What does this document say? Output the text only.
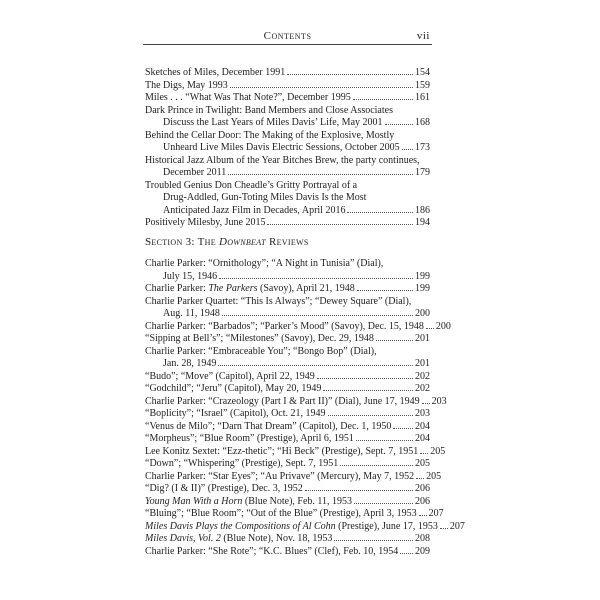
Contents	vii
Sketches of Miles, December 1991	154
The Digs, May 1993	159
Miles . . . “What Was That Note?”, December 1995	161
Dark Prince in Twilight: Band Members and Close Associates
Discuss the Last Years of Miles Davis’ Life, May 2001	168
Behind the Cellar Door: The Making of the Explosive, Mostly
Unheard Live Miles Davis Electric Sessions, October 2005 173
Historical Jazz Album of the Year Bitches Brew, the party continues,
December 2011	179
Troubled Genius Don Cheadle’s Gritty Portrayal of a
Drug-Addled, Gun-Toting Miles Davis Is the Most
Anticipated Jazz Film in Decades, April 2016	186
Positively Milesby, June 2015	194
Section 3: The Downbeat Reviews
Charlie Parker: “Ornithology”; “A Night in Tunisia” (Dial),
July 15, 1946	199
Charlie Parker: The Parkers (Savoy), April 21, 1948	199
Charlie Parker Quartet: “This Is Always”; “Dewey Square” (Dial),
Aug. 11, 1948	200
Charlie Parker: “Barbados”; “Parker’s Mood” (Savoy), Dec. 15, 1948 200
“Sipping at Bell’s”; “Milestones” (Savoy), Dec. 29, 1948	201
Charlie Parker: “Embraceable You”; “Bongo Bop” (Dial),
Jan. 28, 1949	201
“Budo”; “Move” (Capitol), April 22, 1949	202
“Godchild”; “Jeru” (Capitol), May 20, 1949	202
Charlie Parker: “Crazeology (Part I & Part II)” (Dial), June 17, 1949 203
“Boplicity”; “Israel” (Capitol), Oct. 21, 1949	203
“Venus de Milo”; “Darn That Dream” (Capitol), Dec. 1, 1950 204
“Morpheus”; “Blue Room” (Prestige), April 6, 1951	204
Lee Konitz Sextet: “Ezz-thetic”; “Hi Beck” (Prestige), Sept. 7, 1951 205
“Down”; “Whispering” (Prestige), Sept. 7, 1951	205
Charlie Parker: “Star Eyes”; “Au Privave” (Mercury), May 7, 1952 205
“Dig? (I & II)” (Prestige), Dec. 3, 1952	206
Young Man With a Horn (Blue Note), Feb. 11, 1953	206
“Bluing”; “Blue Room”; “Out of the Blue” (Prestige), April 3, 1953 207
Miles Davis Plays the Compositions of Al Cohn (Prestige), June 17, 1953 207
Miles Davis, Vol. 2 (Blue Note), Nov. 18, 1953	208
Charlie Parker: “She Rote”; “K.C. Blues” (Clef), Feb. 10, 1954 209
